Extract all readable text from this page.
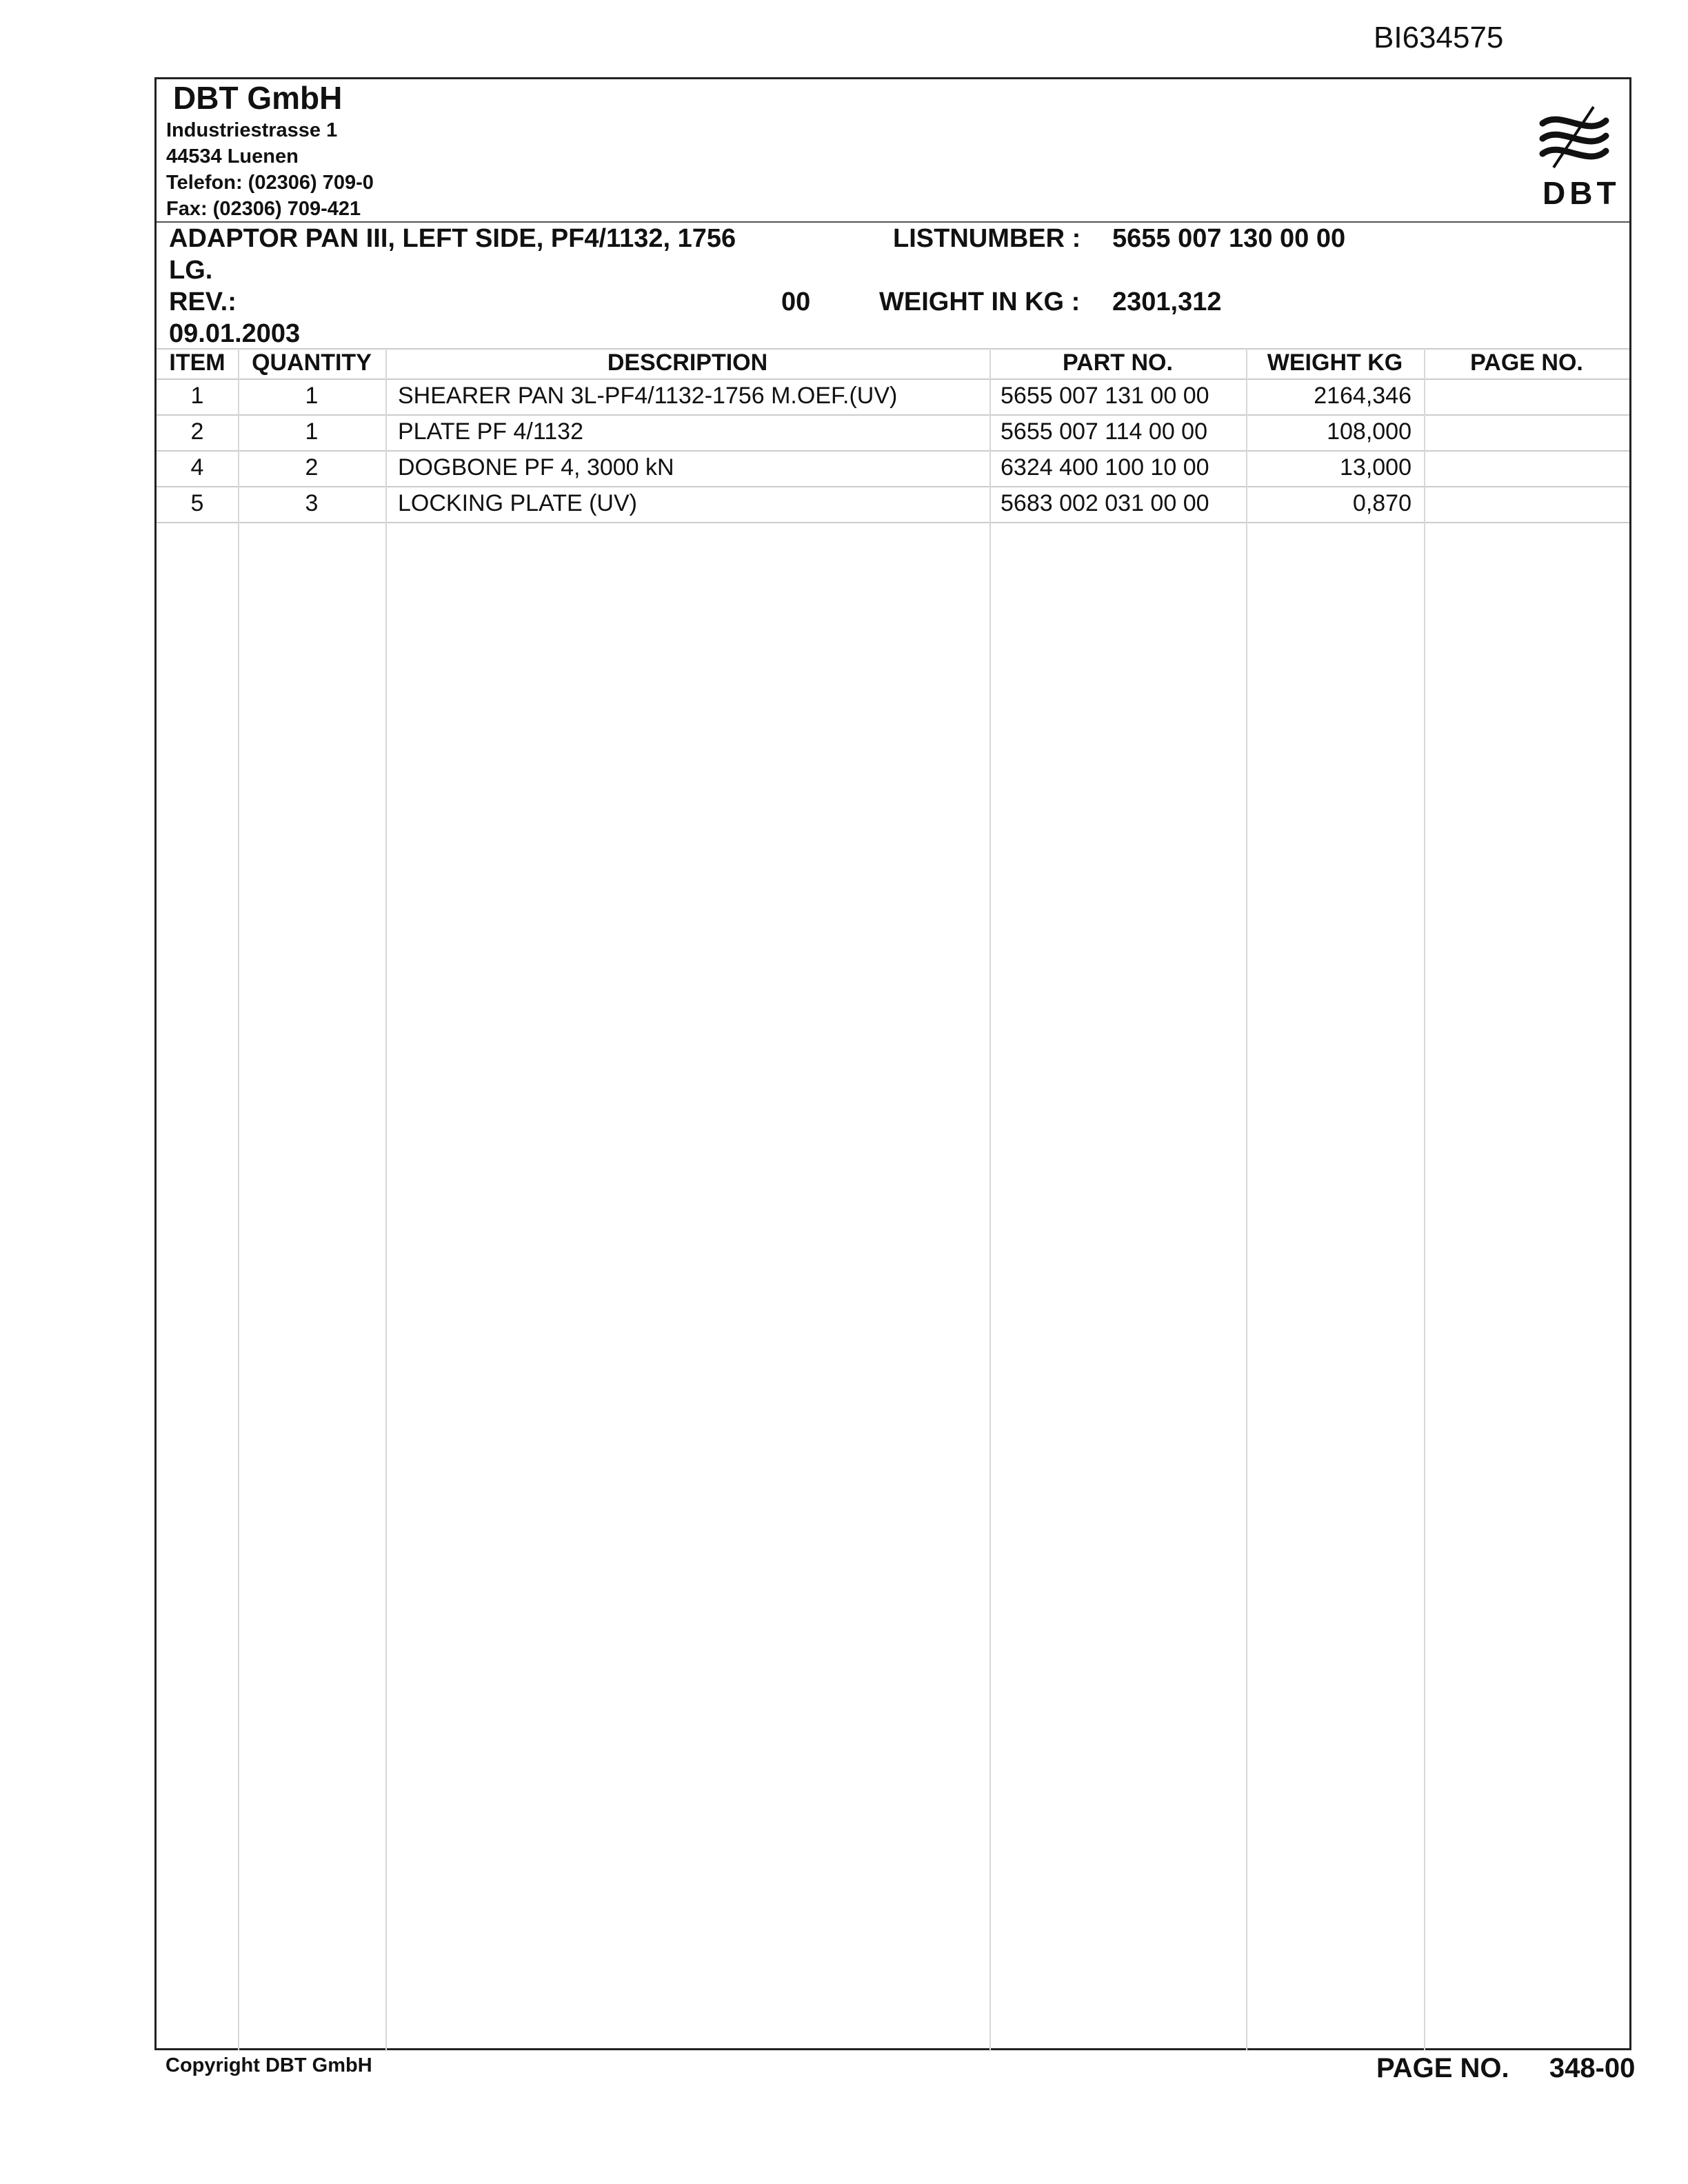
BI634575
DBT GmbH
Industriestrasse 1
44534 Luenen
Telefon: (02306) 709-0
Fax: (02306) 709-421	DBT
ADAPTOR PAN III, LEFT SIDE, PF4/1132, 1756
LG.
LISTNUMBER : 5655 007 130 00 00
REV.:	00	WEIGHT IN KG : 2301,312
09.01.2003
ITEM	QUANTITY	DESCRIPTION	PART NO.	WEIGHT KG	PAGE NO.
1	1	SHEARER PAN 3L-PF4/1132-1756 M.OEF.(UV)	5655 007 131 00 00	2164,346
2	1	PLATE PF 4/1132	5655 007 114 00 00	108,000
4	2	DOGBONE PF 4, 3000 kN	6324 400 100 10 00	13,000
5	3	LOCKING PLATE (UV)	5683 002 031 00 00	0,870
Copyright DBT GmbH	PAGE NO. 348-00
